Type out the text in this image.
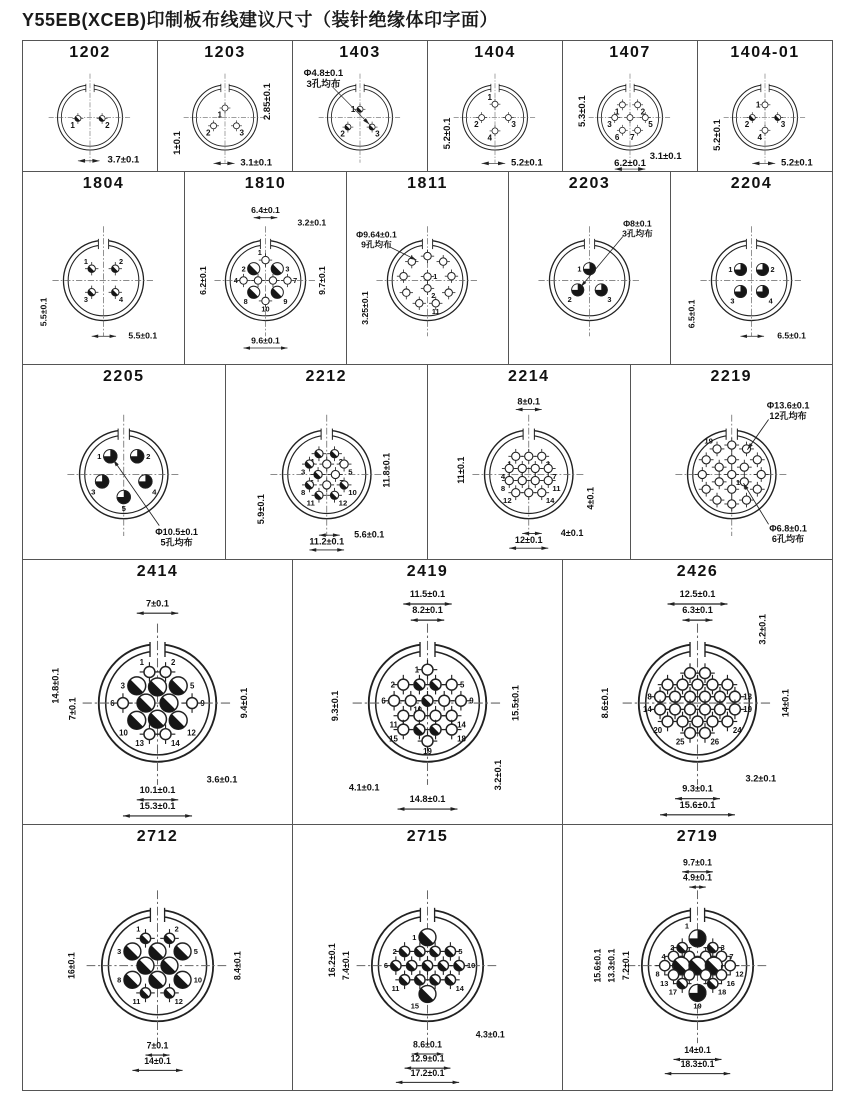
Y55EB(XCEB)印制板布线建议尺寸（装针绝缘体印字面）
1202	1203	1403	1404	1407	1404-01
1804	1810	1811	2203	2204
2205	2212	2214	2219
2414	2419	2426
2712	2715	2719
